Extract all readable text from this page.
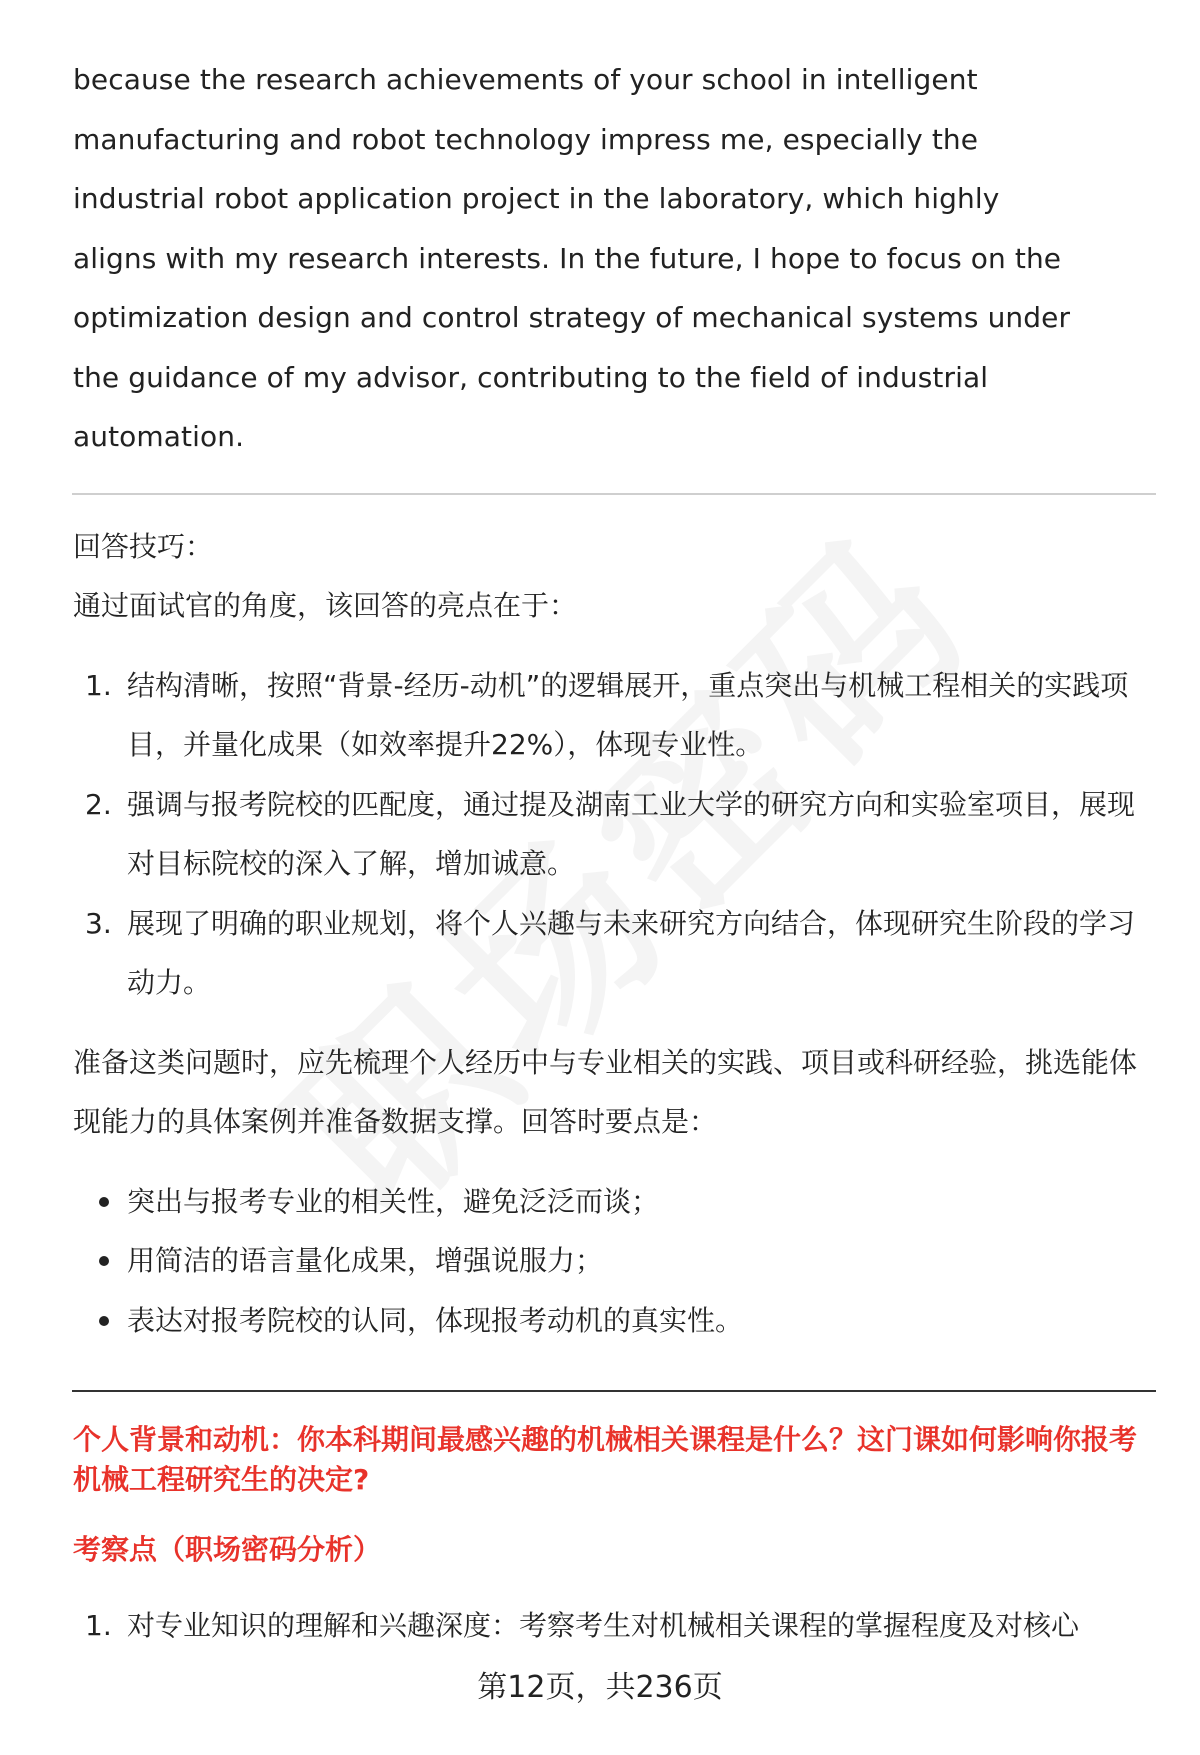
because the research achievements of your school in intelligent manufacturing and robot technology impress me, especially the industrial robot application project in the laboratory, which highly aligns with my research interests. In the future, I hope to focus on the optimization design and control strategy of mechanical systems under the guidance of my advisor, contributing to the field of industrial automation.

回答技巧：

通过面试官的角度，该回答的亮点在于：

1. 结构清晰，按照“背景-经历-动机”的逻辑展开，重点突出与机械工程相关的实践项目，并量化成果（如效率提升22%），体现专业性。
2. 强调与报考院校的匹配度，通过提及湖南工业大学的研究方向和实验室项目，展现对目标院校的深入了解，增加诚意。
3. 展现了明确的职业规划，将个人兴趣与未来研究方向结合，体现研究生阶段的学习动力。

准备这类问题时，应先梳理个人经历中与专业相关的实践、项目或科研经验，挑选能体现能力的具体案例并准备数据支撑。回答时要点是：

突出与报考专业的相关性，避免泛泛而谈；
用简洁的语言量化成果，增强说服力；
表达对报考院校的认同，体现报考动机的真实性。

个人背景和动机：你本科期间最感兴趣的机械相关课程是什么？这门课如何影响你报考机械工程研究生的决定?

考察点（职场密码分析）

1. 对专业知识的理解和兴趣深度：考察考生对机械相关课程的掌握程度及对核心
第12页，共236页
